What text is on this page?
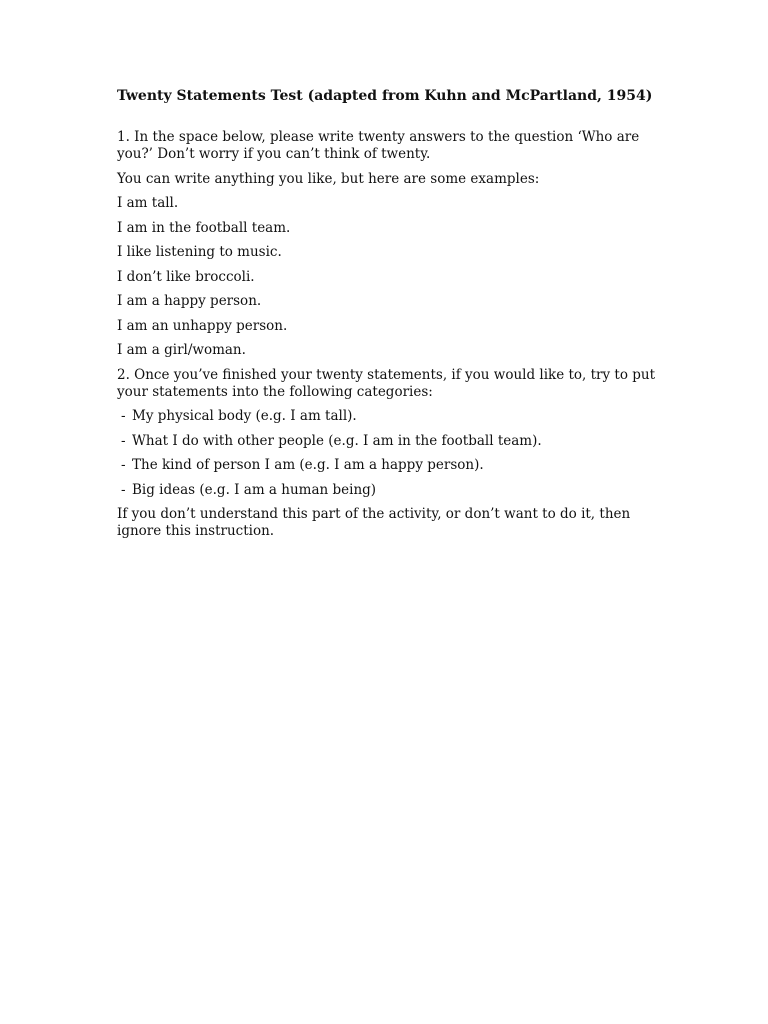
Twenty Statements Test (adapted from Kuhn and McPartland, 1954)

1. In the space below, please write twenty answers to the question ‘Who are
you?’ Don’t worry if you can’t think of twenty.

You can write anything you like, but here are some examples:

I am tall.

I am in the football team.

I like listening to music.

I don’t like broccoli.

I am a happy person.

I am an unhappy person.

I am a girl/woman.

2. Once you’ve finished your twenty statements, if you would like to, try to put
your statements into the following categories:

- My physical body (e.g. I am tall).
- What I do with other people (e.g. I am in the football team).
- The kind of person I am (e.g. I am a happy person).
- Big ideas (e.g. I am a human being)

If you don’t understand this part of the activity, or don’t want to do it, then
ignore this instruction.
